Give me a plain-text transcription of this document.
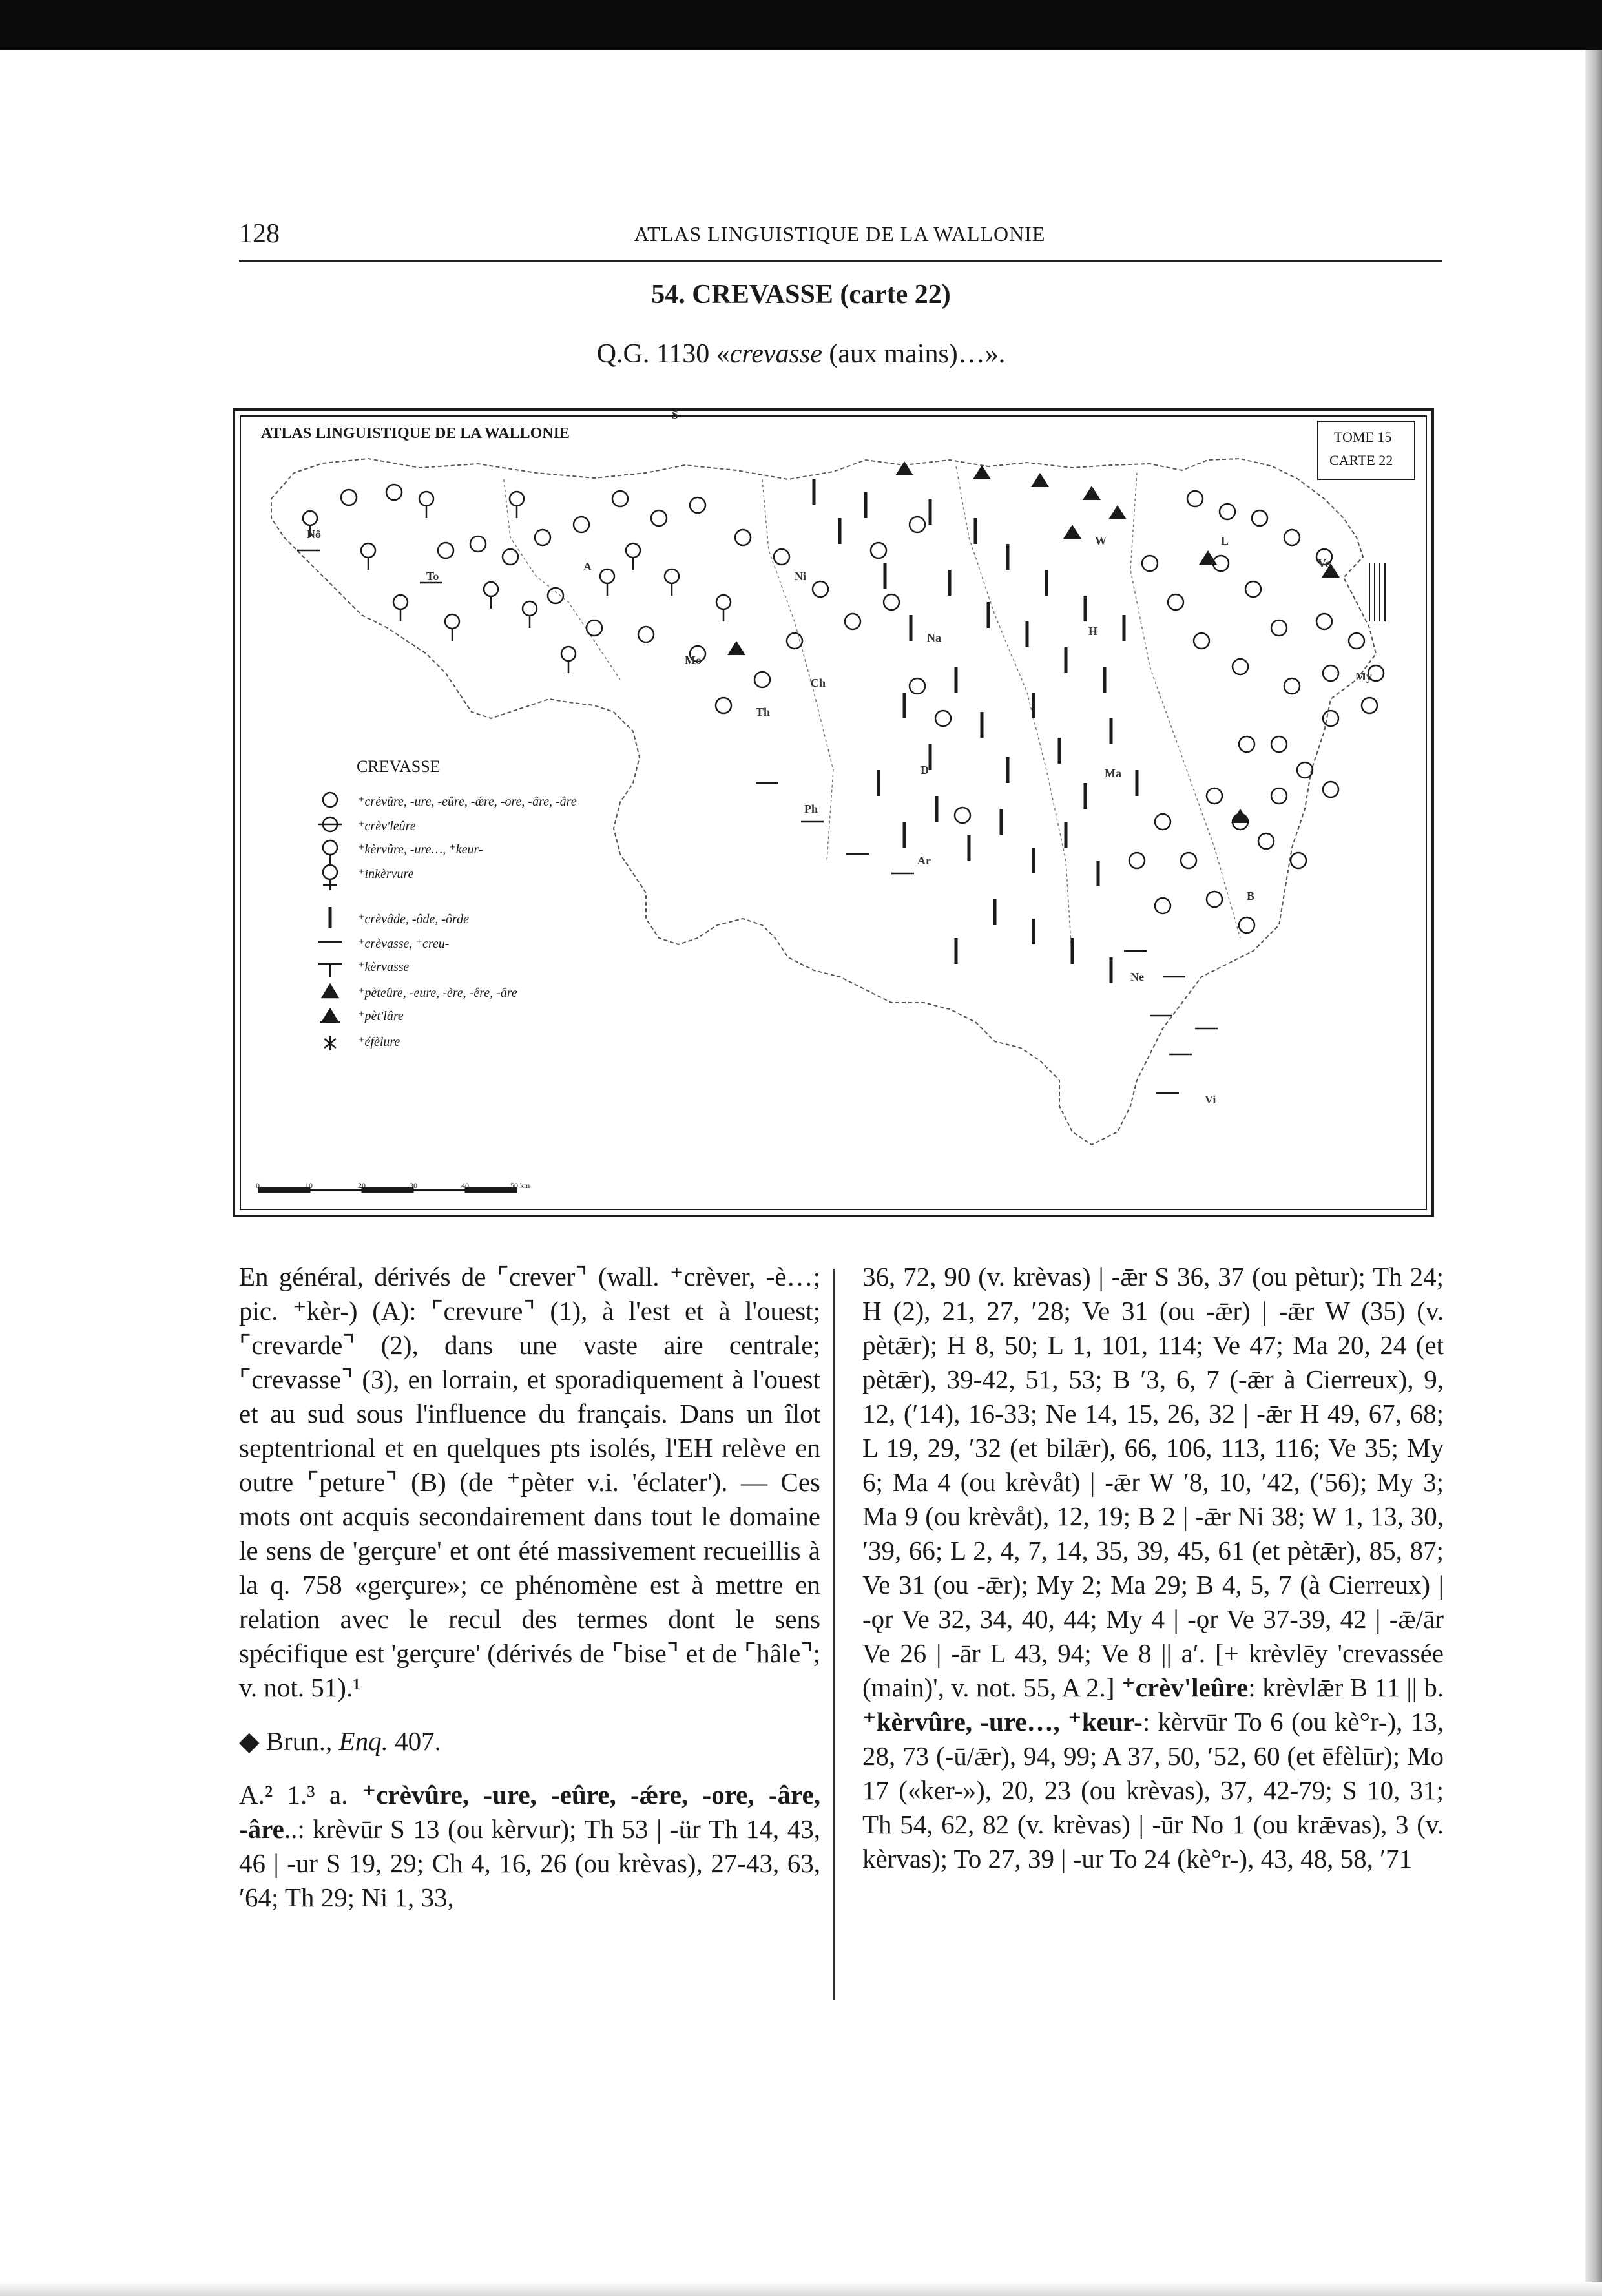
128	ATLAS LINGUISTIQUE DE LA WALLONIE
54. CREVASSE (carte 22)
Q.G. 1130 «crevasse (aux mains)…».
ATLAS LINGUISTIQUE DE LA WALLONIE	TOME 15
CARTE 22
CREVASSE
⁺crèvûre, -ure, -eûre, -ǽre, -ore, -âre, -âre
⁺crèv'leûre
⁺kèrvûre, -ure…, ⁺keur-
⁺inkèrvure
⁺crèvâde, -ôde, -ôrde
⁺crèvasse, ⁺creu-
⁺kèrvasse
⁺pèteûre, -eure, -ère, -êre, -âre
⁺pèt'lâre
⁺éfèlure
0	10	20	30	40	50 km
Nô
To
A
S
Mo
Ni
Ch
Th
Ph
Na
D
Ar
H
W	L
Ve
My
Ma
B
Ne
Vi

En général, dérivés de ⌜crever⌝ (wall. ⁺crèver, -è…; pic. ⁺kèr-) (A): ⌜crevure⌝ (1), à l'est et à l'ouest; ⌜crevarde⌝ (2), dans une vaste aire centrale; ⌜crevasse⌝ (3), en lorrain, et sporadiquement à l'ouest et au sud sous l'influence du français. Dans un îlot septentrional et en quelques pts isolés, l'EH relève en outre ⌜peture⌝ (B) (de ⁺pèter v.i. 'éclater'). — Ces mots ont acquis secondairement dans tout le domaine le sens de 'gerçure' et ont été massivement recueillis à la q. 758 «gerçure»; ce phénomène est à mettre en relation avec le recul des termes dont le sens spécifique est 'gerçure' (dérivés de ⌜bise⌝ et de ⌜hâle⌝; v. not. 51).¹

◆ Brun., Enq. 407.

A.² 1.³ a. ⁺crèvûre, -ure, -eûre, -ǽre, -ore, -âre, -âre..: krèvūr S 13 (ou kèrvur); Th 53 | -ür Th 14, 43, 46 | -ur S 19, 29; Ch 4, 16, 26 (ou krèvas), 27-43, 63, ′64; Th 29; Ni 1, 33,

36, 72, 90 (v. krèvas) | -ǣr S 36, 37 (ou pètur); Th 24; H (2), 21, 27, ′28; Ve 31 (ou -ǣr) | -ǣr W (35) (v. pètǣr); H 8, 50; L 1, 101, 114; Ve 47; Ma 20, 24 (et pètǣr), 39-42, 51, 53; B ′3, 6, 7 (-ǣr à Cierreux), 9, 12, (′14), 16-33; Ne 14, 15, 26, 32 | -ǣr H 49, 67, 68; L 19, 29, ′32 (et bilǣr), 66, 106, 113, 116; Ve 35; My 6; Ma 4 (ou krèvåt) | -ǣr W ′8, 10, ′42, (′56); My 3; Ma 9 (ou krèvåt), 12, 19; B 2 | -ǣr Ni 38; W 1, 13, 30, ′39, 66; L 2, 4, 7, 14, 35, 39, 45, 61 (et pètǣr), 85, 87; Ve 31 (ou -ǣr); My 2; Ma 29; B 4, 5, 7 (à Cierreux) | -ǫr Ve 32, 34, 40, 44; My 4 | -ǫr Ve 37-39, 42 | -ǣ/ār Ve 26 | -ār L 43, 94; Ve 8 || a′. [+ krèvlēy 'crevassée (main)', v. not. 55, A 2.] ⁺crèv'leûre: krèvlǣr B 11 || b. ⁺kèrvûre, -ure…, ⁺keur-: kèrvūr To 6 (ou kè°r-), 13, 28, 73 (-ū/ǣr), 94, 99; A 37, 50, ′52, 60 (et ēfèlūr); Mo 17 («ker-»), 20, 23 (ou krèvas), 37, 42-79; S 10, 31; Th 54, 62, 82 (v. krèvas) | -ūr No 1 (ou krǣvas), 3 (v. kèrvas); To 27, 39 | -ur To 24 (kè°r-), 43, 48, 58, ′71
